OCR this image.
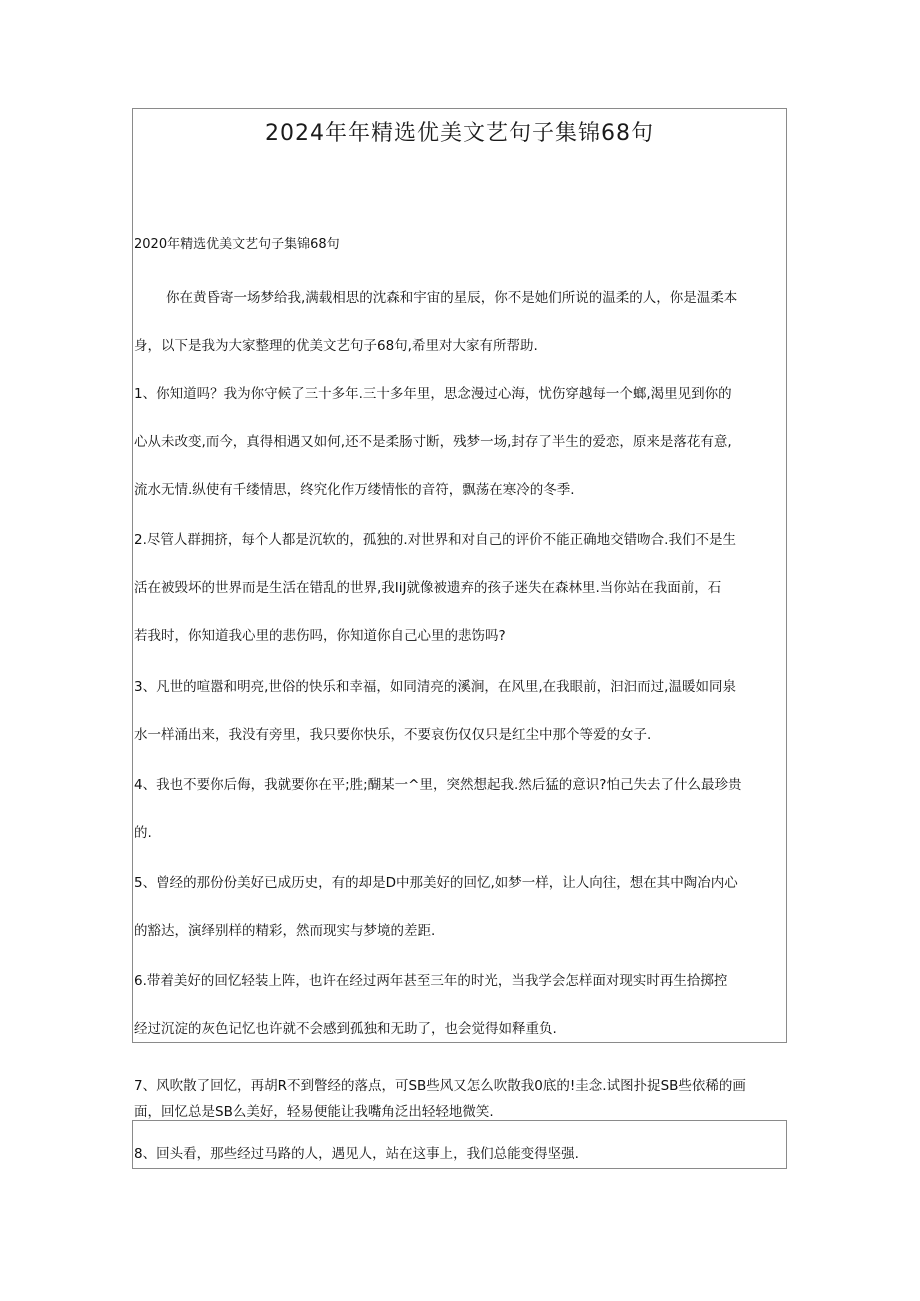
2024年年精选优美文艺句子集锦68句
2020年精选优美文艺句子集锦68句
你在黄昏寄一场梦给我,满载相思的沈森和宇宙的星辰，你不是她们所说的温柔的人，你是温柔本
身，以下是我为大家整理的优美文艺句子68句,希里对大家有所帮助.
1、你知道吗？我为你守候了三十多年.三十多年里，思念漫过心海，忧伤穿越每一个螂,渴里见到你的
心从未改变,而今，真得相遇又如何,还不是柔肠寸断，残梦一场,封存了半生的爱恋，原来是落花有意,
流水无情.纵使有千缕情思，终究化作万缕情怅的音符，飘荡在寒冷的冬季.
2.尽管人群拥挤，每个人都是沉软的，孤独的.对世界和对自己的评价不能正确地交错吻合.我们不是生
活在被毁坏的世界而是生活在错乱的世界,我IiJ就像被遗弃的孩子迷失在森林里.当你站在我面前，石
若我时，你知道我心里的悲伤吗，你知道你自己心里的悲饬吗?
3、凡世的喧嚣和明亮,世俗的快乐和幸福，如同清亮的溪涧，在风里,在我眼前，汩汩而过,温暖如同泉
水一样涌出来，我没有旁里，我只要你快乐，不要哀伤仅仅只是红尘中那个等爱的女子.
4、我也不要你后侮，我就要你在平;胜;醐某一^里，突然想起我.然后猛的意识?怕己失去了什么最珍贵
的.
5、曾经的那份份美好已成历史，有的却是D中那美好的回忆,如梦一样，让人向往，想在其中陶冶内心
的豁达，演绎别样的精彩，然而现实与梦境的差距.
6.带着美好的回忆轻装上阵，也许在经过两年甚至三年的时光，当我学会怎样面对现实时再生拾掷控
经过沉淀的灰色记忆也许就不会感到孤独和无助了，也会觉得如释重负.
7、风吹散了回忆，再胡R不到瞥经的落点，可SB些风又怎么吹散我0底的!圭念.试图扑捉SB些依稀的画
面，回忆总是SB么美好，轻易便能让我嘴角泛出轻轻地微笑.
8、回头看，那些经过马路的人，遇见人，站在这事上，我们总能变得坚强.
